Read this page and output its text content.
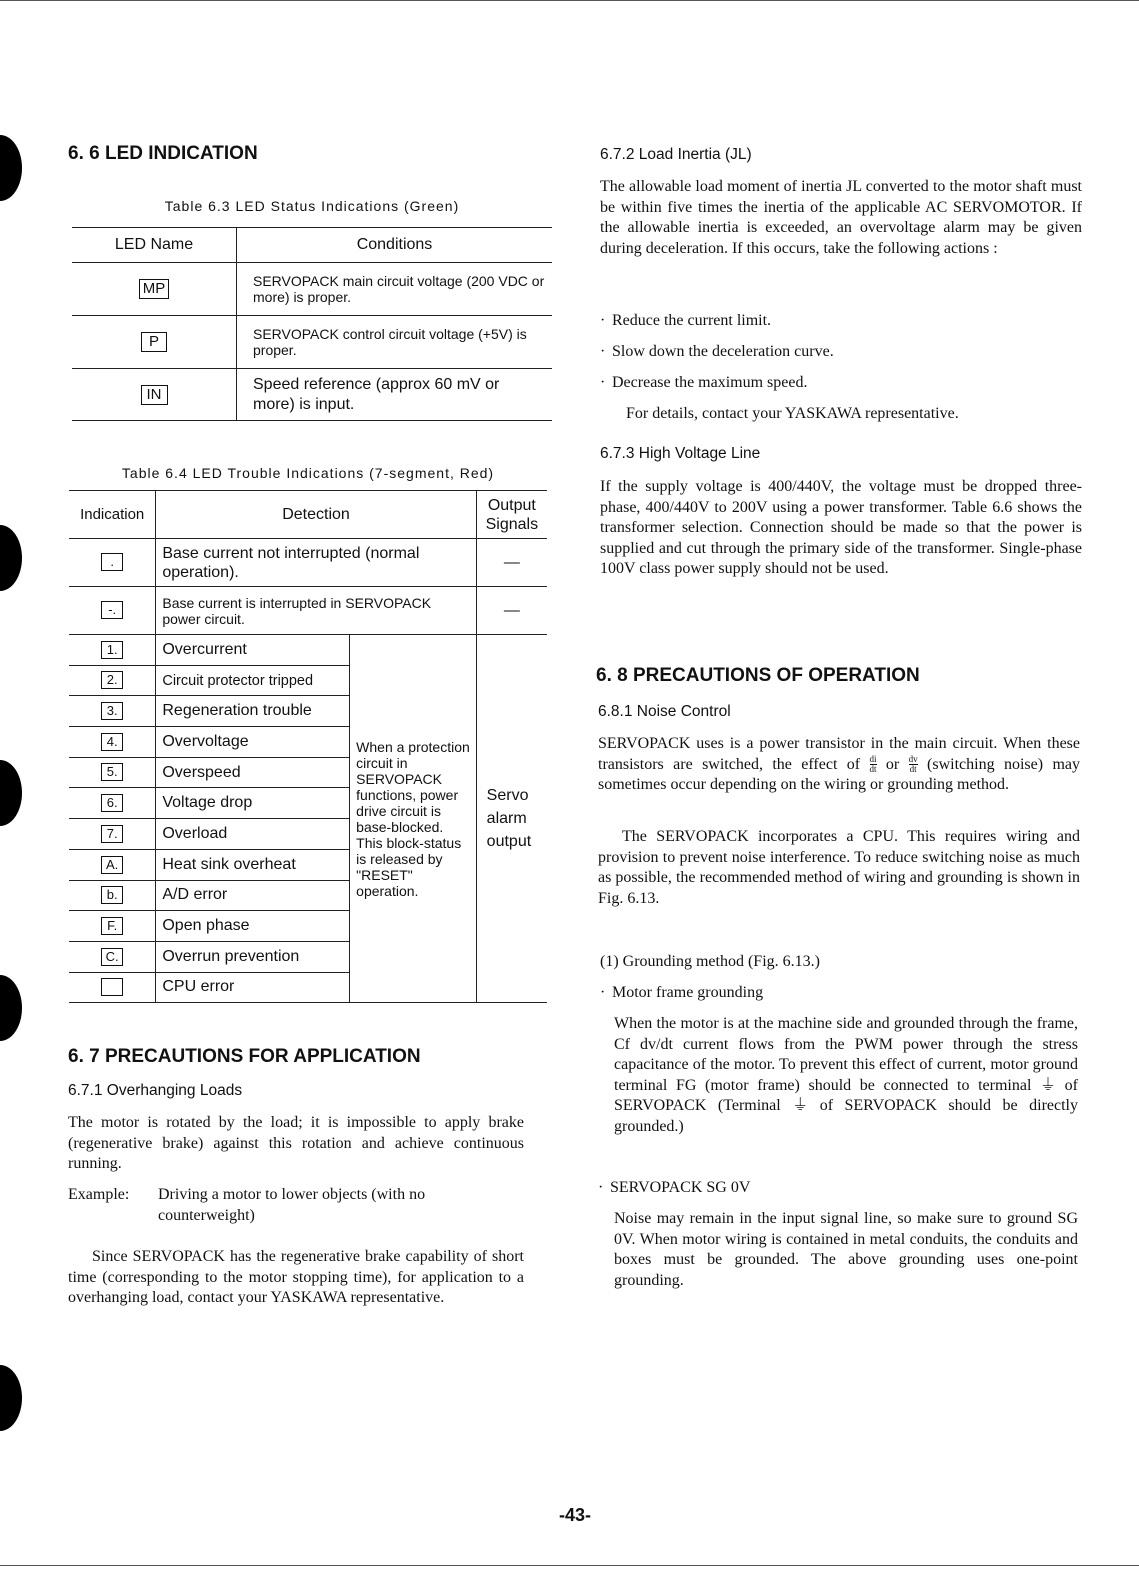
6. 6 LED INDICATION
Table 6.3 LED Status Indications (Green)
LED Name	Conditions
MP	SERVOPACK main circuit voltage (200 VDC or more) is proper.
P	SERVOPACK control circuit voltage (+5V) is proper.
IN	Speed reference (approx 60 mV or more) is input.
Table 6.4 LED Trouble Indications (7-segment, Red)
Indication	Detection		Output Signals
.	Base current not interrupted (normal operation).		—
-.	Base current is interrupted in SERVOPACK power circuit.		—
1.	Overcurrent	When a protection circuit in SERVOPACK functions, power drive circuit is base-blocked. This block-status is released by "RESET" operation.	Servo alarm output
2.	Circuit protector tripped		
3.	Regeneration trouble		
4.	Overvoltage		
5.	Overspeed		
6.	Voltage drop		
7.	Overload		
A.	Heat sink overheat		
b.	A/D error		
F.	Open phase		
C.	Overrun prevention		
	CPU error		
6. 7 PRECAUTIONS FOR APPLICATION
6.7.1 Overhanging Loads
The motor is rotated by the load; it is impossible to apply brake (regenerative brake) against this rotation and achieve continuous running.
Example:	Driving a motor to lower objects (with no counterweight)
Since SERVOPACK has the regenerative brake capability of short time (corresponding to the motor stopping time), for application to a overhanging load, contact your YASKAWA representative.
6.7.2 Load Inertia (JL)
The allowable load moment of inertia JL converted to the motor shaft must be within five times the inertia of the applicable AC SERVOMOTOR. If the allowable inertia is exceeded, an overvoltage alarm may be given during deceleration. If this occurs, take the following actions :
· Reduce the current limit.
· Slow down the deceleration curve.
· Decrease the maximum speed.
For details, contact your YASKAWA representative.
6.7.3 High Voltage Line
If the supply voltage is 400/440V, the voltage must be dropped three-phase, 400/440V to 200V using a power transformer. Table 6.6 shows the transformer selection. Connection should be made so that the power is supplied and cut through the primary side of the transformer. Single-phase 100V class power supply should not be used.
6. 8 PRECAUTIONS OF OPERATION
6.8.1 Noise Control
SERVOPACK uses is a power transistor in the main circuit. When these transistors are switched, the effect of $\frac{di}{dt}$ or $\frac{dv}{dt}$ (switching noise) may sometimes occur depending on the wiring or grounding method.
The SERVOPACK incorporates a CPU. This requires wiring and provision to prevent noise interference. To reduce switching noise as much as possible, the recommended method of wiring and grounding is shown in Fig. 6.13.
(1) Grounding method (Fig. 6.13.)
· Motor frame grounding
When the motor is at the machine side and grounded through the frame, Cf dv/dt current flows from the PWM power through the stress capacitance of the motor. To prevent this effect of current, motor ground terminal FG (motor frame) should be connected to terminal ⏚ of SERVOPACK (Terminal ⏚ of SERVOPACK should be directly grounded.)
· SERVOPACK SG 0V
Noise may remain in the input signal line, so make sure to ground SG 0V. When motor wiring is contained in metal conduits, the conduits and boxes must be grounded. The above grounding uses one-point grounding.
-43-
